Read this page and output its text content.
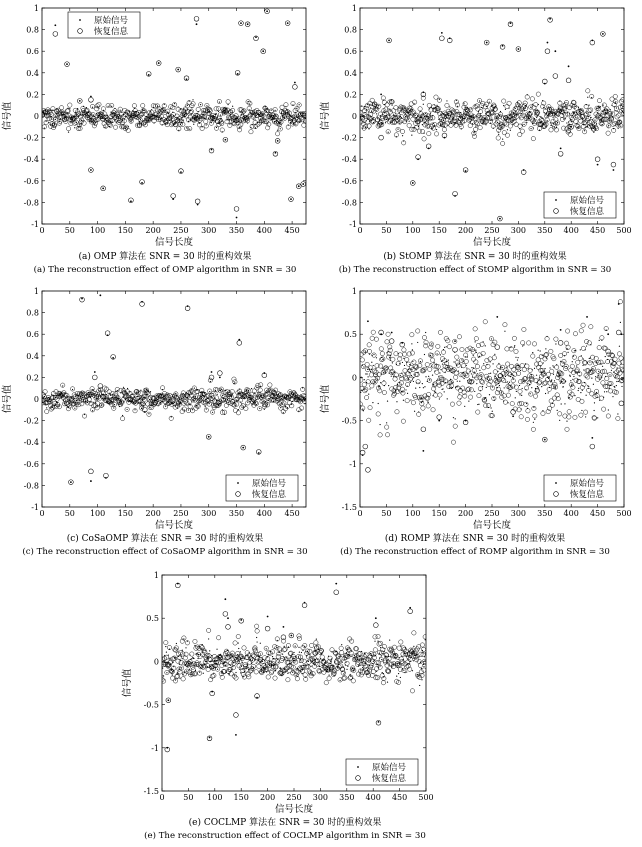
0	50 100 150 200 250 300 350 400 450
-1
-0.8
-0.6
-0.4
-0.2
0
0.2
0.4
0.6
0.8
1
信号长度
信号值
原始信号
恢复信息
(a) OMP 算法在 SNR = 30 时的重构效果
(a) The reconstruction effect of OMP algorithm in SNR = 30
0 50 100 150 200 250 300 350 400 450 500
-1
-0.8
-0.6
-0.4
-0.2
0
0.2
0.4
0.6
0.8
1
信号长度
信号值
原始信号
恢复信息
(b) StOMP 算法在 SNR = 30 时的重构效果
(b) The reconstruction effect of StOMP algorithm in SNR = 30
0	50 100 150 200 250 300 350 400 450
-1
-0.8
-0.6
-0.4
-0.2
0
0.2
0.4
0.6
0.8
1
信号长度
信号值
原始信号
恢复信息
(c) CoSaOMP 算法在 SNR = 30 时的重构效果
(c) The reconstruction effect of CoSaOMP algorithm in SNR = 30
0 50 100 150 200 250 300 350 400 450 500
-1.5
-1
-0.5
0
0.5
1
信号长度
信号值
原始信号
恢复信息
(d) ROMP 算法在 SNR = 30 时的重构效果
(d) The reconstruction effect of ROMP algorithm in SNR = 30
0 50 100 150 200 250 300 350 400 450 500
-1.5
-1
-0.5
0
0.5
1
信号长度
信号值
原始信号
恢复信息
(e) COCLMP 算法在 SNR = 30 时的重构效果
(e) The reconstruction effect of COCLMP algorithm in SNR = 30
